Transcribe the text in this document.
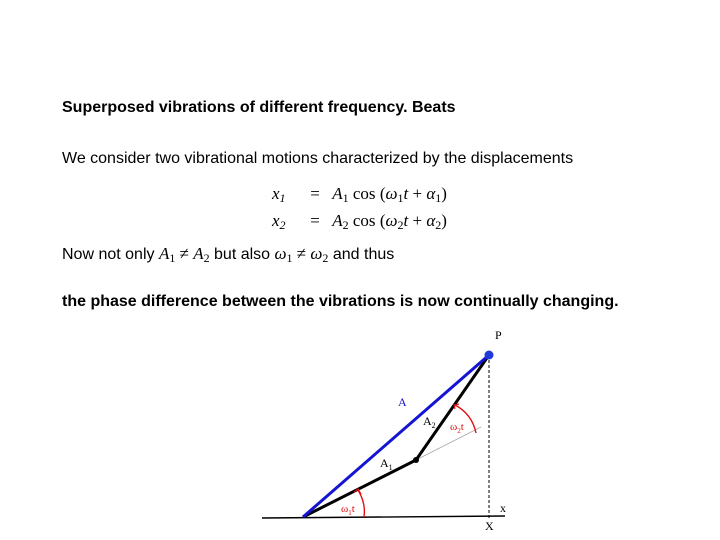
Superposed vibrations of different frequency. Beats
We consider two vibrational motions characterized by the displacements
$x_1 = A_1$ $\cos (\omega_1t + \alpha_1)$
$x_2 = A_2$ $\cos (\omega_2t + \alpha_2)$
Now not only $A_1 \ne A_2$ but also $\omega_1 \ne \omega_2$ and thus
the phase difference between the vibrations is now continually changing.
P
A
$A_2$
$A_1$
$\omega_1t$
$\omega_2t$
x
X
